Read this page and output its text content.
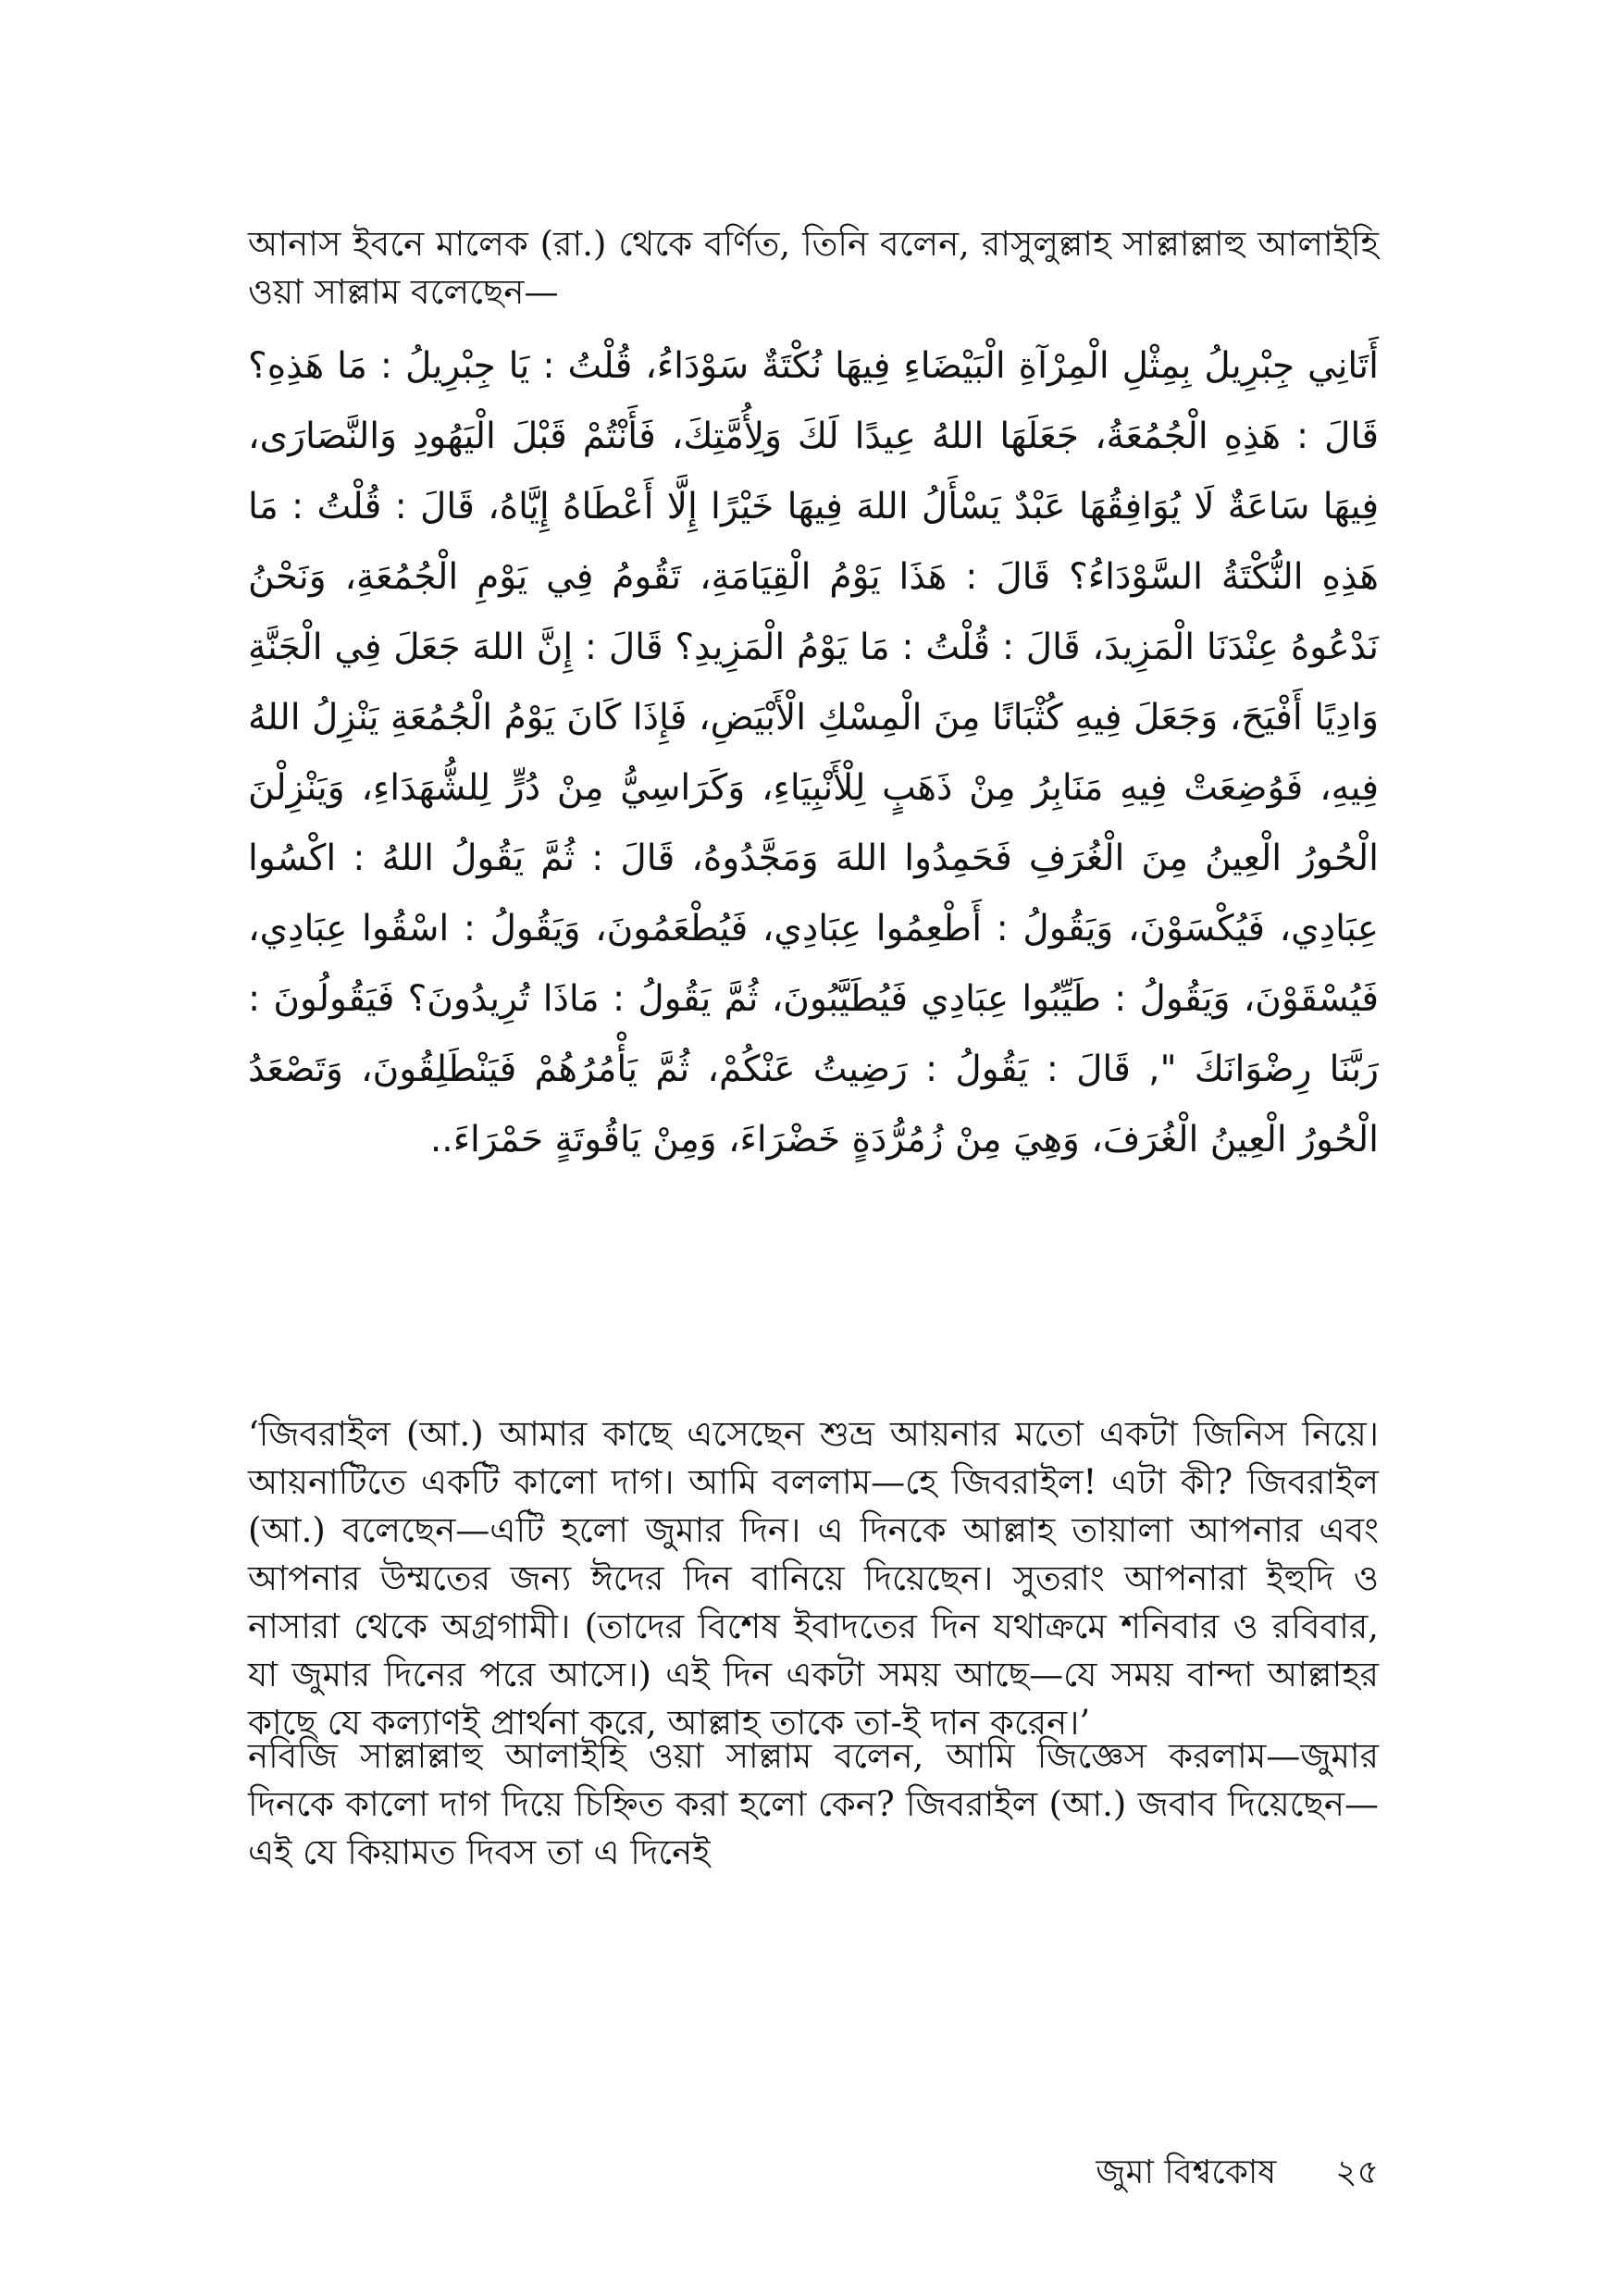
আনাস ইবনে মালেক (রা.) থেকে বর্ণিত, তিনি বলেন, রাসুলুল্লাহ সাল্লাল্লাহু আলাইহি ওয়া সাল্লাম বলেছেন—

أَتَانِي جِبْرِيلُ بِمِثْلِ الْمِرْآةِ الْبَيْضَاءِ فِيهَا نُكْتَةٌ سَوْدَاءُ، قُلْتُ : يَا جِبْرِيلُ : مَا هَذِهِ؟ قَالَ : هَذِهِ الْجُمُعَةُ، جَعَلَهَا اللهُ عِيدًا لَكَ وَلِأُمَّتِكَ، فَأَنْتُمْ قَبْلَ الْيَهُودِ وَالنَّصَارَى، فِيهَا سَاعَةٌ لَا يُوَافِقُهَا عَبْدٌ يَسْأَلُ اللهَ فِيهَا خَيْرًا إِلَّا أَعْطَاهُ إِيَّاهُ، قَالَ : قُلْتُ : مَا هَذِهِ النُّكْتَةُ السَّوْدَاءُ؟ قَالَ : هَذَا يَوْمُ الْقِيَامَةِ، تَقُومُ فِي يَوْمِ الْجُمُعَةِ، وَنَحْنُ نَدْعُوهُ عِنْدَنَا الْمَزِيدَ، قَالَ : قُلْتُ : مَا يَوْمُ الْمَزِيدِ؟ قَالَ : إِنَّ اللهَ جَعَلَ فِي الْجَنَّةِ وَادِيًا أَفْيَحَ، وَجَعَلَ فِيهِ كُثْبَانًا مِنَ الْمِسْكِ الْأَبْيَضِ، فَإِذَا كَانَ يَوْمُ الْجُمُعَةِ يَنْزِلُ اللهُ فِيهِ، فَوُضِعَتْ فِيهِ مَنَابِرُ مِنْ ذَهَبٍ لِلْأَنْبِيَاءِ، وَكَرَاسِيُّ مِنْ دُرٍّ لِلشُّهَدَاءِ، وَيَنْزِلْنَ الْحُورُ الْعِينُ مِنَ الْغُرَفِ فَحَمِدُوا اللهَ وَمَجَّدُوهُ، قَالَ : ثُمَّ يَقُولُ اللهُ : اكْسُوا عِبَادِي، فَيُكْسَوْنَ، وَيَقُولُ : أَطْعِمُوا عِبَادِي، فَيُطْعَمُونَ، وَيَقُولُ : اسْقُوا عِبَادِي، فَيُسْقَوْنَ، وَيَقُولُ : طَيِّبُوا عِبَادِي فَيُطَيَّبُونَ، ثُمَّ يَقُولُ : مَاذَا تُرِيدُونَ؟ فَيَقُولُونَ : رَبَّنَا رِضْوَانَكَ ", قَالَ : يَقُولُ : رَضِيتُ عَنْكُمْ، ثُمَّ يَأْمُرُهُمْ فَيَنْطَلِقُونَ، وَتَصْعَدُ الْحُورُ الْعِينُ الْغُرَفَ، وَهِيَ مِنْ زُمُرُّدَةٍ خَضْرَاءَ، وَمِنْ يَاقُوتَةٍ حَمْرَاءَ..

‘জিবরাইল (আ.) আমার কাছে এসেছেন শুভ্র আয়নার মতো একটা জিনিস নিয়ে। আয়নাটিতে একটি কালো দাগ। আমি বললাম—হে জিবরাইল! এটা কী? জিবরাইল (আ.) বলেছেন—এটি হলো জুমার দিন। এ দিনকে আল্লাহ তায়ালা আপনার এবং আপনার উম্মতের জন্য ঈদের দিন বানিয়ে দিয়েছেন। সুতরাং আপনারা ইহুদি ও নাসারা থেকে অগ্রগামী। (তাদের বিশেষ ইবাদতের দিন যথাক্রমে শনিবার ও রবিবার, যা জুমার দিনের পরে আসে।) এই দিন একটা সময় আছে—যে সময় বান্দা আল্লাহর কাছে যে কল্যাণই প্রার্থনা করে, আল্লাহ তাকে তা-ই দান করেন।’

নবিজি সাল্লাল্লাহু আলাইহি ওয়া সাল্লাম বলেন, আমি জিজ্ঞেস করলাম—জুমার দিনকে কালো দাগ দিয়ে চিহ্নিত করা হলো কেন? জিবরাইল (আ.) জবাব দিয়েছেন—এই যে কিয়ামত দিবস তা এ দিনেই

জুমা বিশ্বকোষ ২৫
